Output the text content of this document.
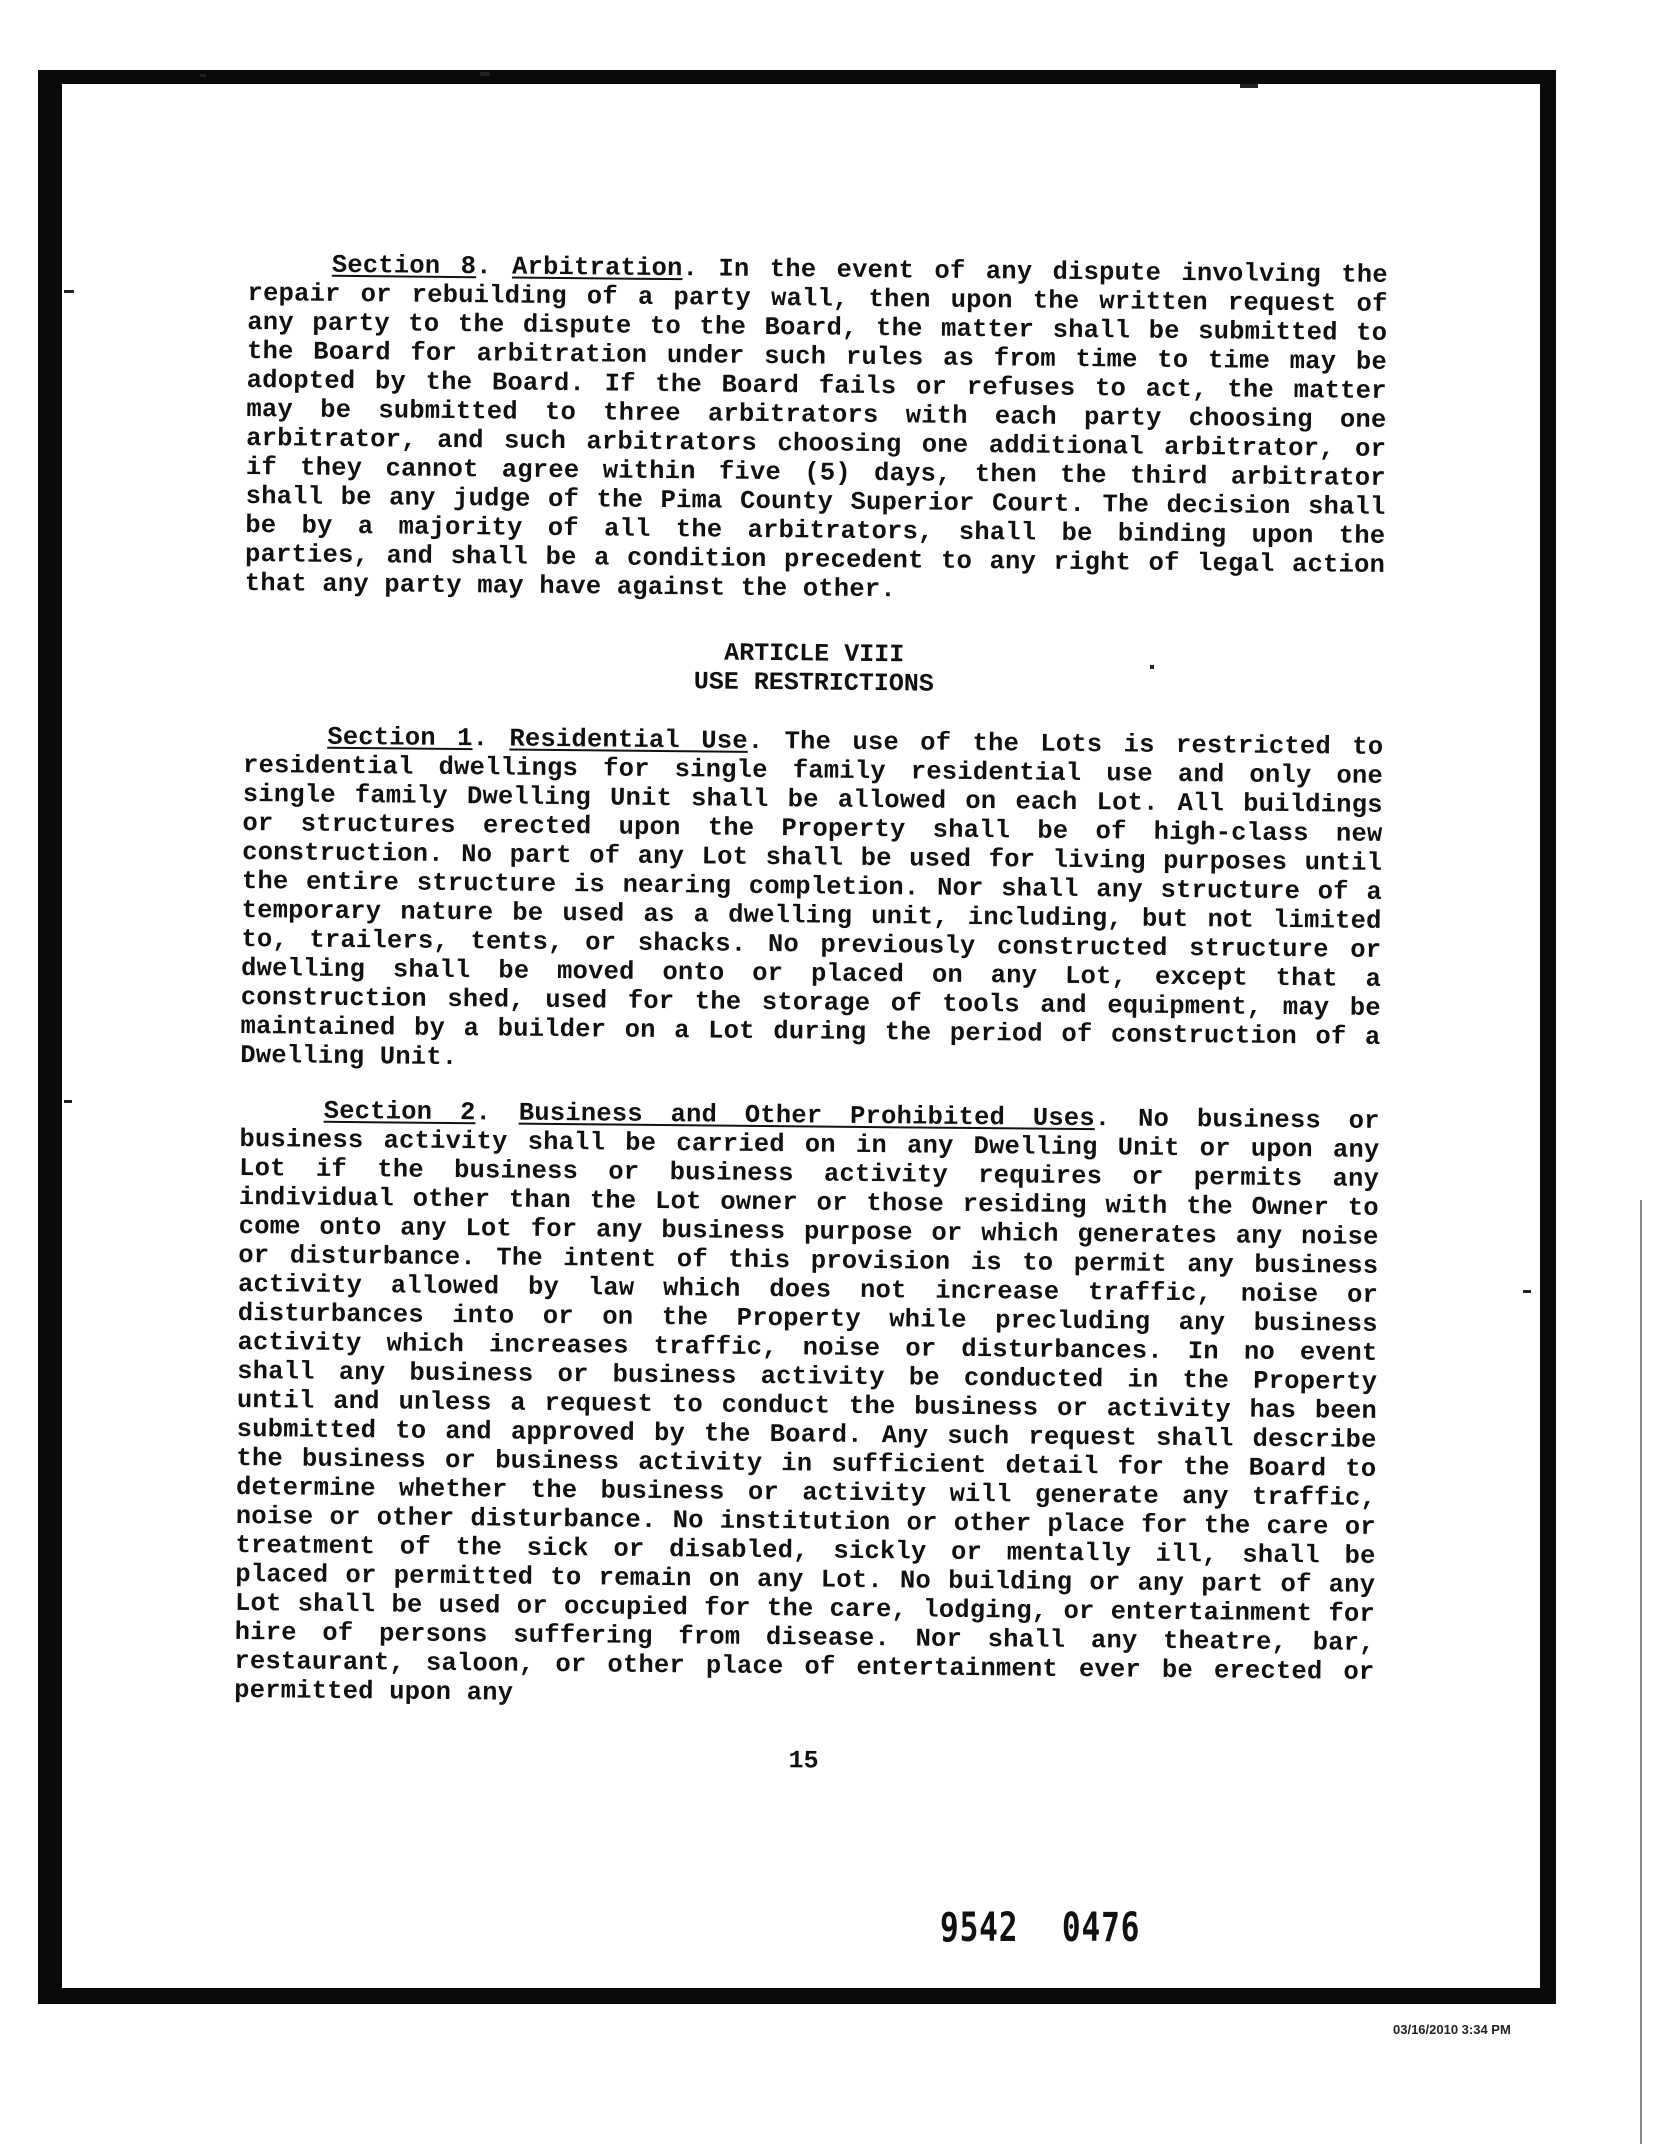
Section 8. Arbitration. In the event of any dispute involving the repair or rebuilding of a party wall, then upon the written request of any party to the dispute to the Board, the matter shall be submitted to the Board for arbitration under such rules as from time to time may be adopted by the Board. If the Board fails or refuses to act, the matter may be submitted to three arbitrators with each party choosing one arbitrator, and such arbitrators choosing one additional arbitrator, or if they cannot agree within five (5) days, then the third arbitrator shall be any judge of the Pima County Superior Court. The decision shall be by a majority of all the arbitrators, shall be binding upon the parties, and shall be a condition precedent to any right of legal action that any party may have against the other.

ARTICLE VIII

USE RESTRICTIONS

Section 1. Residential Use. The use of the Lots is restricted to residential dwellings for single family residential use and only one single family Dwelling Unit shall be allowed on each Lot. All buildings or structures erected upon the Property shall be of high-class new construction. No part of any Lot shall be used for living purposes until the entire structure is nearing completion. Nor shall any structure of a temporary nature be used as a dwelling unit, including, but not limited to, trailers, tents, or shacks. No previously constructed structure or dwelling shall be moved onto or placed on any Lot, except that a construction shed, used for the storage of tools and equipment, may be maintained by a builder on a Lot during the period of construction of a Dwelling Unit.

Section 2. Business and Other Prohibited Uses. No business or business activity shall be carried on in any Dwelling Unit or upon any Lot if the business or business activity requires or permits any individual other than the Lot owner or those residing with the Owner to come onto any Lot for any business purpose or which generates any noise or disturbance. The intent of this provision is to permit any business activity allowed by law which does not increase traffic, noise or disturbances into or on the Property while precluding any business activity which increases traffic, noise or disturbances. In no event shall any business or business activity be conducted in the Property until and unless a request to conduct the business or activity has been submitted to and approved by the Board. Any such request shall describe the business or business activity in sufficient detail for the Board to determine whether the business or activity will generate any traffic, noise or other disturbance. No institution or other place for the care or treatment of the sick or disabled, sickly or mentally ill, shall be placed or permitted to remain on any Lot. No building or any part of any Lot shall be used or occupied for the care, lodging, or entertainment for hire of persons suffering from disease. Nor shall any theatre, bar, restaurant, saloon, or other place of entertainment ever be erected or permitted upon any

15
9542 0476
03/16/2010 3:34 PM
